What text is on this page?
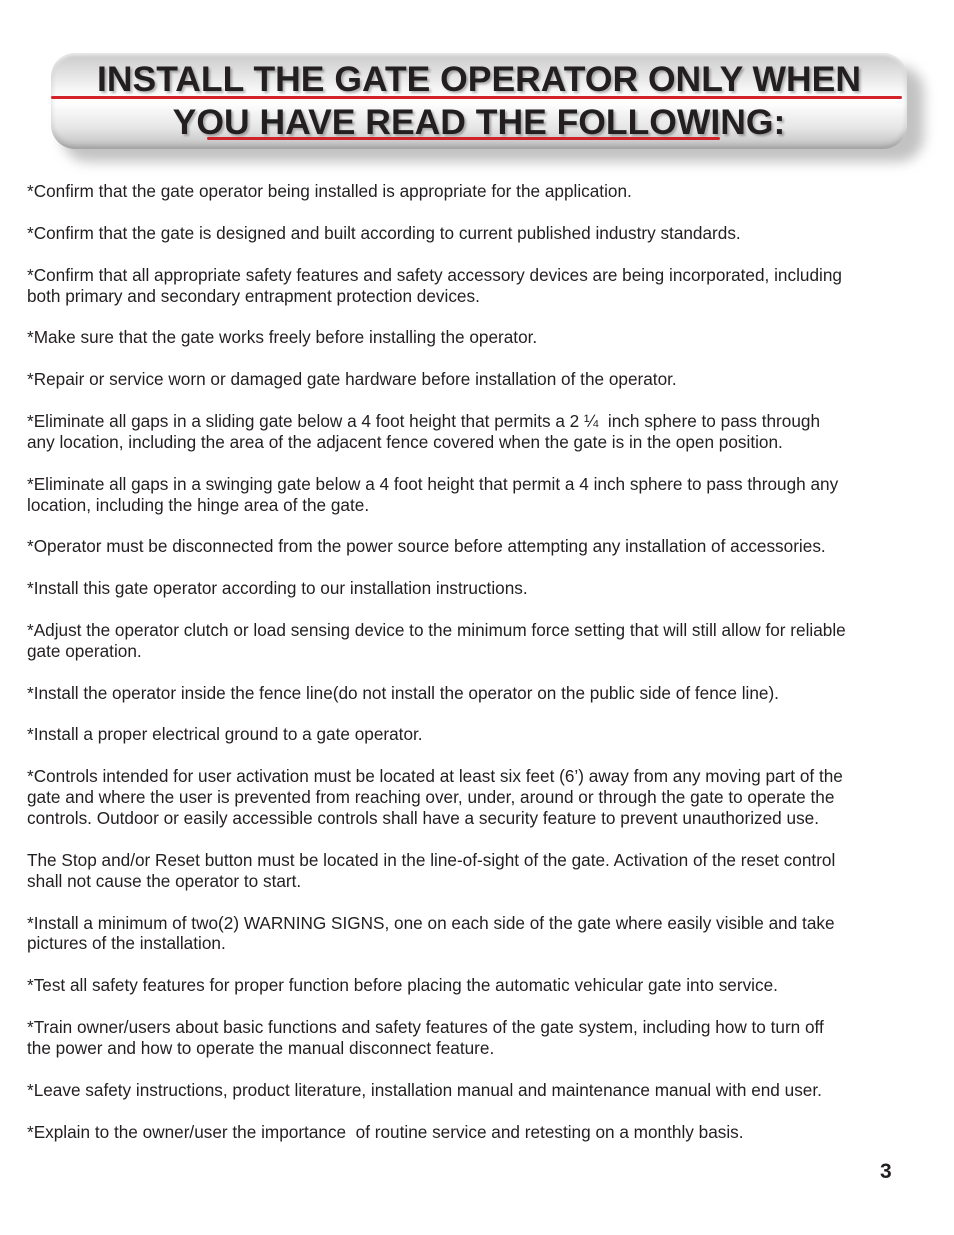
INSTALL THE GATE OPERATOR ONLY WHEN
YOU HAVE READ THE FOLLOWING:

*Confirm that the gate operator being installed is appropriate for the application.

*Confirm that the gate is designed and built according to current published industry standards.

*Confirm that all appropriate safety features and safety accessory devices are being incorporated, including
both primary and secondary entrapment protection devices.

*Make sure that the gate works freely before installing the operator.

*Repair or service worn or damaged gate hardware before installation of the operator.

*Eliminate all gaps in a sliding gate below a 4 foot height that permits a 2 ¼  inch sphere to pass through
any location, including the area of the adjacent fence covered when the gate is in the open position.

*Eliminate all gaps in a swinging gate below a 4 foot height that permit a 4 inch sphere to pass through any
location, including the hinge area of the gate.

*Operator must be disconnected from the power source before attempting any installation of accessories.

*Install this gate operator according to our installation instructions.

*Adjust the operator clutch or load sensing device to the minimum force setting that will still allow for reliable
gate operation.

*Install the operator inside the fence line(do not install the operator on the public side of fence line).

*Install a proper electrical ground to a gate operator.

*Controls intended for user activation must be located at least six feet (6’) away from any moving part of the
gate and where the user is prevented from reaching over, under, around or through the gate to operate the
controls. Outdoor or easily accessible controls shall have a security feature to prevent unauthorized use.

The Stop and/or Reset button must be located in the line-of-sight of the gate. Activation of the reset control
shall not cause the operator to start.

*Install a minimum of two(2) WARNING SIGNS, one on each side of the gate where easily visible and take
pictures of the installation.

*Test all safety features for proper function before placing the automatic vehicular gate into service.

*Train owner/users about basic functions and safety features of the gate system, including how to turn off
the power and how to operate the manual disconnect feature.

*Leave safety instructions, product literature, installation manual and maintenance manual with end user.

*Explain to the owner/user the importance  of routine service and retesting on a monthly basis.

3
